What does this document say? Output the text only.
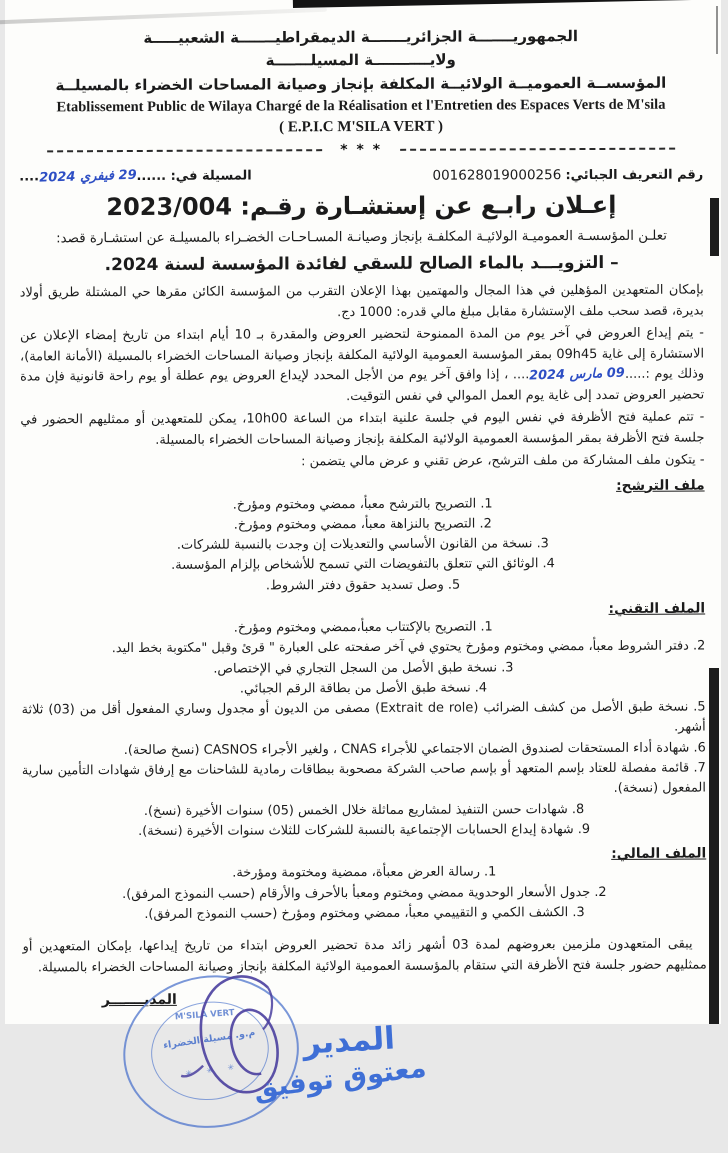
الجمهوريـــــــة الجزائريـــــــة الديمقراطيـــــــة الشعبيـــــة
ولايـــــــــــة المسيلـــــــة
المؤسســة العموميــة الولائيــة المكلفة بإنجاز وصيانة المساحات الخضراء بالمسيلــة
Etablissement Public de Wilaya Chargé de la Réalisation et l'Entretien des Espaces Verts de M'sila
( E.P.I.C M'SILA VERT )
* * *
رقم التعريف الجبائي: 001628019000256
المسيلة في: ......29 فيفري 2024....
إعـلان رابـع عن إستشـارة رقـم: 2023/004
تعلـن المؤسسـة العموميـة الولائيـة المكلفـة بإنجاز وصيانـة المسـاحـات الخضـراء بالمسيلـة عن استشـارة قصد:
– التزويـــد بالماء الصالح للسقي لفائدة المؤسسة لسنة 2024.
بإمكان المتعهدين المؤهلين في هذا المجال والمهتمين بهذا الإعلان التقرب من المؤسسة الكائن مقرها حي المشتلة طريق أولاد بديرة، قصد سحب ملف الإستشارة مقابل مبلغ مالي قدره: 1000 دج.
- يتم إيداع العروض في آخر يوم من المدة الممنوحة لتحضير العروض والمقدرة بـ 10 أيام ابتداء من تاريخ إمضاء الإعلان عن الاستشارة إلى غاية 09h45 بمقر المؤسسة العمومية الولائية المكلفة بإنجاز وصيانة المساحات الخضراء بالمسيلة (الأمانة العامة)، وذلك يوم :.....09 مارس 2024.... ، إذا وافق آخر يوم من الأجل المحدد لإيداع العروض يوم عطلة أو يوم راحة قانونية فإن مدة تحضير العروض تمدد إلى غاية يوم العمل الموالي في نفس التوقيت.
- تتم عملية فتح الأظرفة في نفس اليوم في جلسة علنية ابتداء من الساعة 10h00، يمكن للمتعهدين أو ممثليهم الحضور في جلسة فتح الأظرفة بمقر المؤسسة العمومية الولائية المكلفة بإنجاز وصيانة المساحات الخضراء بالمسيلة.
- يتكون ملف المشاركة من ملف الترشح، عرض تقني و عرض مالي يتضمن :
ملف الترشح:
1. التصريح بالترشح معبأ، ممضي ومختوم ومؤرخ.
2. التصريح بالنزاهة معبأ، ممضي ومختوم ومؤرخ.
3. نسخة من القانون الأساسي والتعديلات إن وجدت بالنسبة للشركات.
4. الوثائق التي تتعلق بالتفويضات التي تسمح للأشخاص بإلزام المؤسسة.
5. وصل تسديد حقوق دفتر الشروط.
الملف التقني:
1. التصريح بالإكتتاب معبأ،ممضي ومختوم ومؤرخ.
2. دفتر الشروط معبأ، ممضي ومختوم ومؤرخ يحتوي في آخر صفحته على العبارة " قرئ وقبل "مكتوبة بخط اليد.
3. نسخة طبق الأصل من السجل التجاري في الإختصاص.
4. نسخة طبق الأصل من بطاقة الرقم الجبائي.
5. نسخة طبق الأصل من كشف الضرائب (Extrait de role) مصفى من الديون أو مجدول وساري المفعول أقل من (03) ثلاثة أشهر.
6. شهادة أداء المستحقات لصندوق الضمان الاجتماعي للأجراء CNAS ، ولغير الأجراء CASNOS (نسخ صالحة).
7. قائمة مفصلة للعتاد بإسم المتعهد أو بإسم صاحب الشركة مصحوبة ببطاقات رمادية للشاحنات مع إرفاق شهادات التأمين سارية المفعول (نسخة).
8. شهادات حسن التنفيذ لمشاريع مماثلة خلال الخمس (05) سنوات الأخيرة (نسخ).
9. شهادة إيداع الحسابات الإجتماعية بالنسبة للشركات للثلاث سنوات الأخيرة (نسخة).
الملف المالي:
1. رسالة العرض معبأة، ممضية ومختومة ومؤرخة.
2. جدول الأسعار الوحدوية ممضي ومختوم ومعبأ بالأحرف والأرقام (حسب النموذج المرفق).
3. الكشف الكمي و التقييمي معبأ، ممضي ومختوم ومؤرخ (حسب النموذج المرفق).
يبقى المتعهدون ملزمين بعروضهم لمدة 03 أشهر زائد مدة تحضير العروض ابتداء من تاريخ إيداعها، بإمكان المتعهدين أو ممثليهم حضور جلسة فتح الأظرفة التي ستقام بالمؤسسة العمومية الولائية المكلفة بإنجاز وصيانة المساحات الخضراء بالمسيلة.
المديـــــــر
M'SILA VERT
م.و. مسيلة الخضراء
✳ ✳ ✳
المدير
معتوق توفيق
